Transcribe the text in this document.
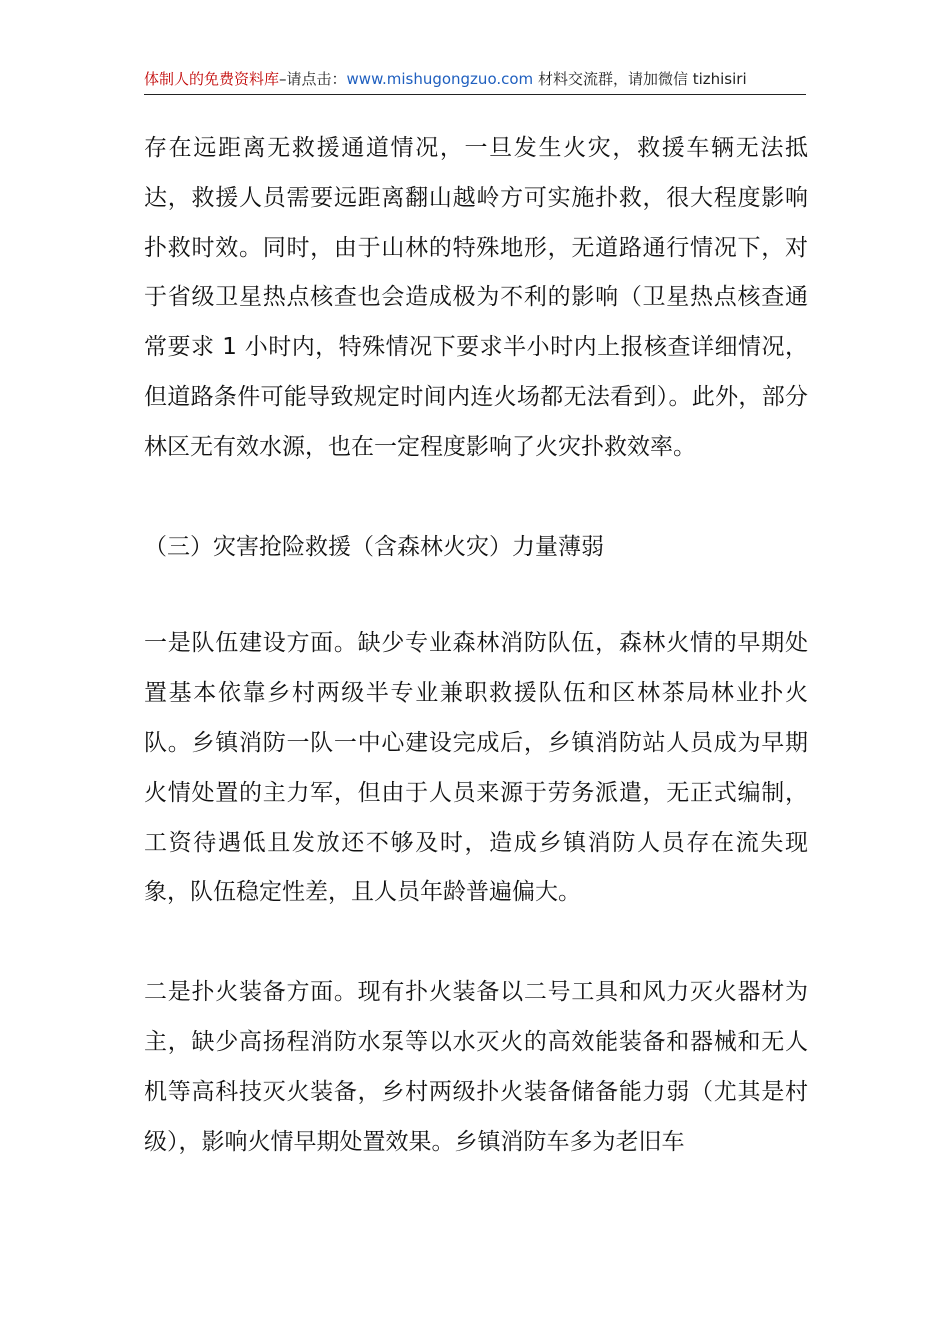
体制人的免费资料库–请点击：www.mishugongzuo.com 材料交流群，请加微信 tizhisiri

存在远距离无救援通道情况，一旦发生火灾，救援车辆无法抵达，救援人员需要远距离翻山越岭方可实施扑救，很大程度影响扑救时效。同时，由于山林的特殊地形，无道路通行情况下，对于省级卫星热点核查也会造成极为不利的影响（卫星热点核查通常要求 1 小时内，特殊情况下要求半小时内上报核查详细情况，但道路条件可能导致规定时间内连火场都无法看到）。此外，部分林区无有效水源，也在一定程度影响了火灾扑救效率。

（三）灾害抢险救援（含森林火灾）力量薄弱

一是队伍建设方面。缺少专业森林消防队伍，森林火情的早期处置基本依靠乡村两级半专业兼职救援队伍和区林茶局林业扑火队。乡镇消防一队一中心建设完成后，乡镇消防站人员成为早期火情处置的主力军，但由于人员来源于劳务派遣，无正式编制，工资待遇低且发放还不够及时，造成乡镇消防人员存在流失现象，队伍稳定性差，且人员年龄普遍偏大。

二是扑火装备方面。现有扑火装备以二号工具和风力灭火器材为主，缺少高扬程消防水泵等以水灭火的高效能装备和器械和无人机等高科技灭火装备，乡村两级扑火装备储备能力弱（尤其是村级），影响火情早期处置效果。乡镇消防车多为老旧车
